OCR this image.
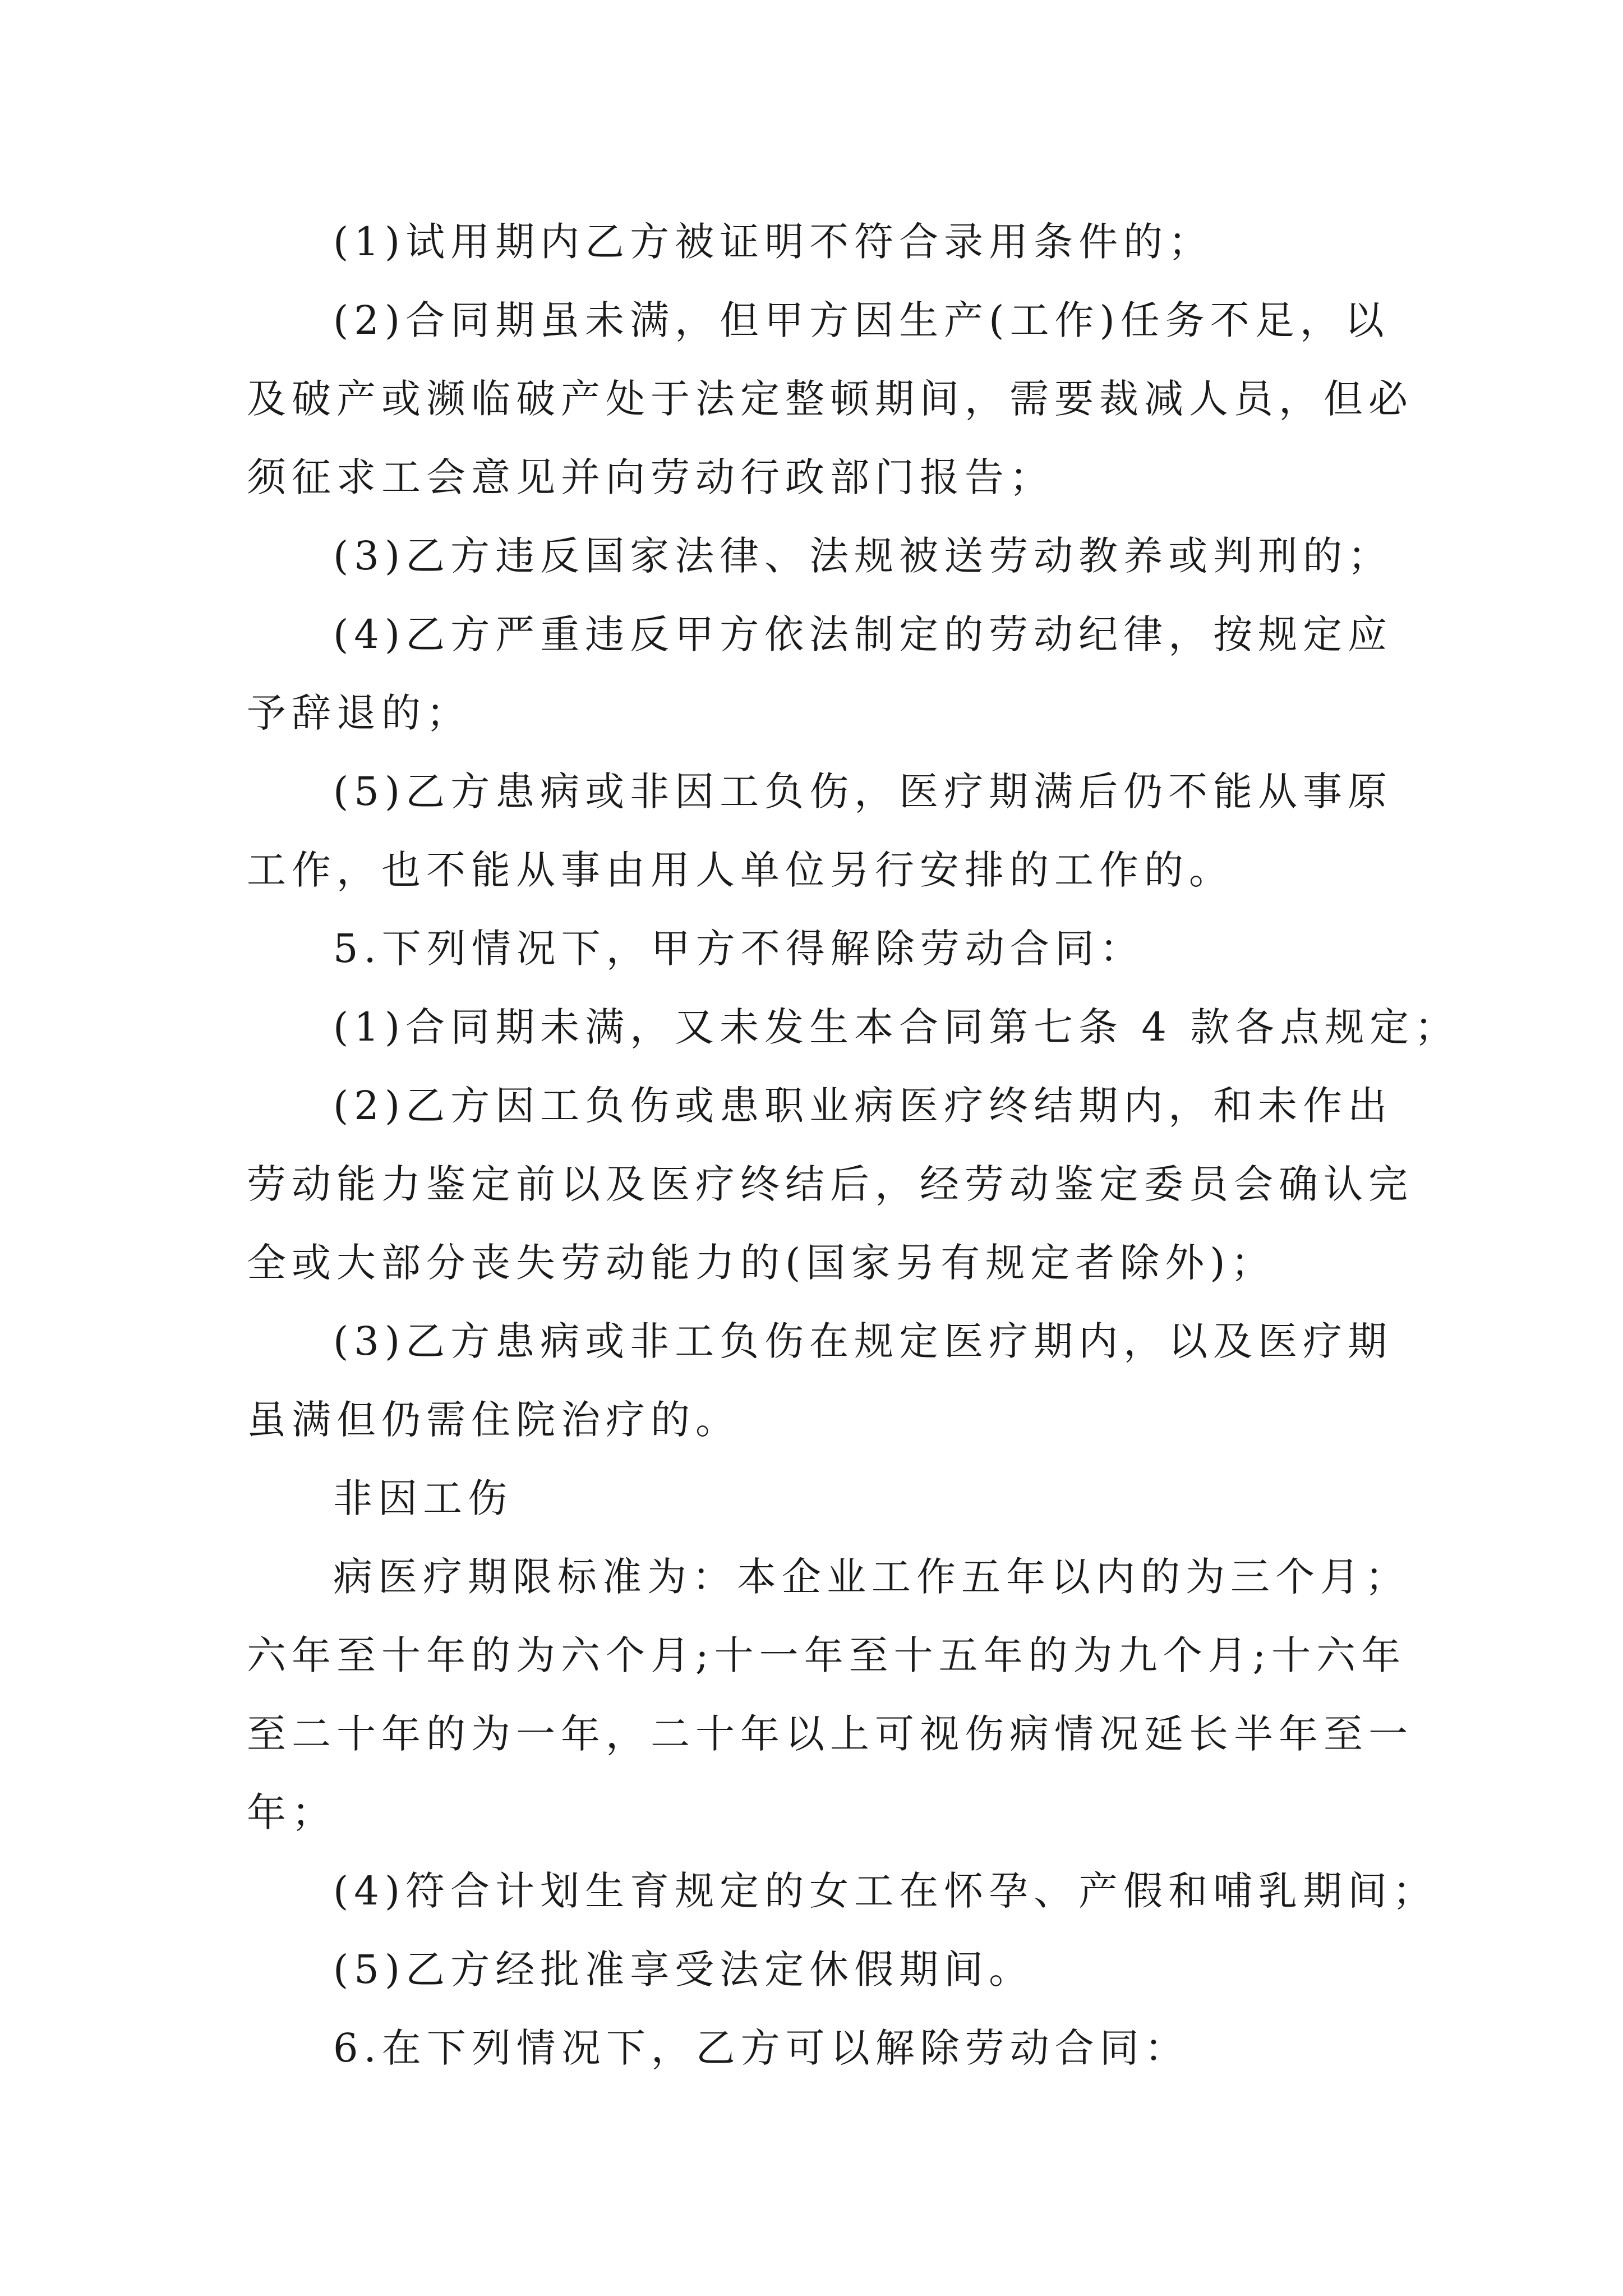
(1)试用期内乙方被证明不符合录用条件的；
(2)合同期虽未满，但甲方因生产(工作)任务不足，以
及破产或濒临破产处于法定整顿期间，需要裁减人员，但必
须征求工会意见并向劳动行政部门报告；
(3)乙方违反国家法律、法规被送劳动教养或判刑的；
(4)乙方严重违反甲方依法制定的劳动纪律，按规定应
予辞退的；
(5)乙方患病或非因工负伤，医疗期满后仍不能从事原
工作，也不能从事由用人单位另行安排的工作的。
5.下列情况下，甲方不得解除劳动合同：
(1)合同期未满，又未发生本合同第七条 4 款各点规定；
(2)乙方因工负伤或患职业病医疗终结期内，和未作出
劳动能力鉴定前以及医疗终结后，经劳动鉴定委员会确认完
全或大部分丧失劳动能力的(国家另有规定者除外)；
(3)乙方患病或非工负伤在规定医疗期内，以及医疗期
虽满但仍需住院治疗的。
非因工伤
病医疗期限标准为：本企业工作五年以内的为三个月；
六年至十年的为六个月;十一年至十五年的为九个月;十六年
至二十年的为一年，二十年以上可视伤病情况延长半年至一
年；
(4)符合计划生育规定的女工在怀孕、产假和哺乳期间；
(5)乙方经批准享受法定休假期间。
6.在下列情况下，乙方可以解除劳动合同：
